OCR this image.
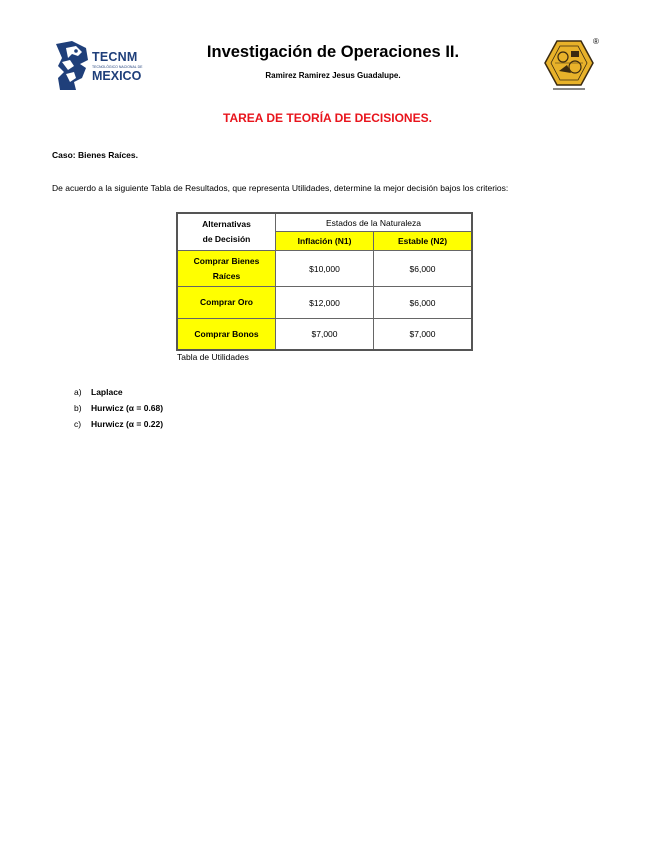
TECNM
TECNOLÓGICO NACIONAL DE
MEXICO
Investigación de Operaciones II.
Ramirez Ramirez Jesus Guadalupe.
®
TAREA DE TEORÍA DE DECISIONES.
Caso: Bienes Raíces.
De acuerdo a la siguiente Tabla de Resultados, que representa Utilidades, determine la mejor decisión bajos los criterios:
Alternativas
de Decisión	Estados de la Naturaleza	
	Inflación (N1)	Estable (N2)

Comprar Bienes
Raíces	$10,000	$6,000

Comprar Oro	$12,000	$6,000

Comprar Bonos	$7,000	$7,000
Tabla de Utilidades
a) Laplace
b) Hurwicz (α = 0.68)
c) Hurwicz (α = 0.22)
